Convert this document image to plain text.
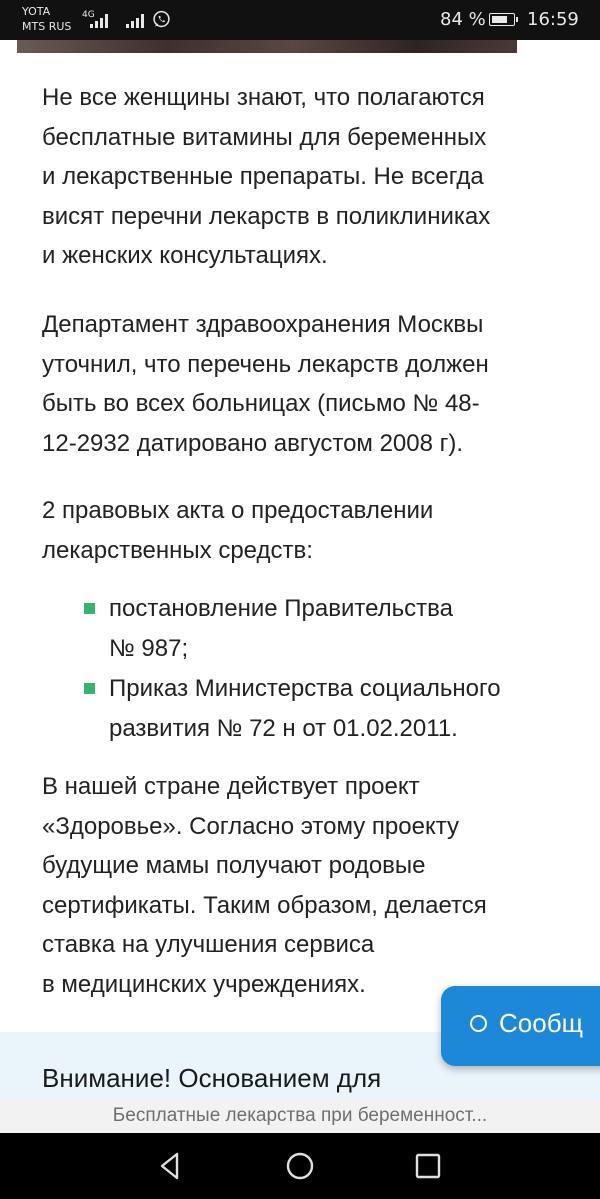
YOTA
MTS RUS
4G	84 % 16:59
Не все женщины знают, что полагаются
бесплатные витамины для беременных
и лекарственные препараты. Не всегда
висят перечни лекарств в поликлиниках
и женских консультациях.
Департамент здравоохранения Москвы
уточнил, что перечень лекарств должен
быть во всех больницах (письмо № 48-
12-2932 датировано августом 2008 г).
2 правовых акта о предоставлении
лекарственных средств:
постановление Правительства
№ 987;
Приказ Министерства социального
развития № 72 н от 01.02.2011.
В нашей стране действует проект
«Здоровье». Согласно этому проекту
будущие мамы получают родовые
сертификаты. Таким образом, делается
ставка на улучшения сервиса
в медицинских учреждениях.
Внимание! Основанием для
Сообщ
Бесплатные лекарства при беременност...
